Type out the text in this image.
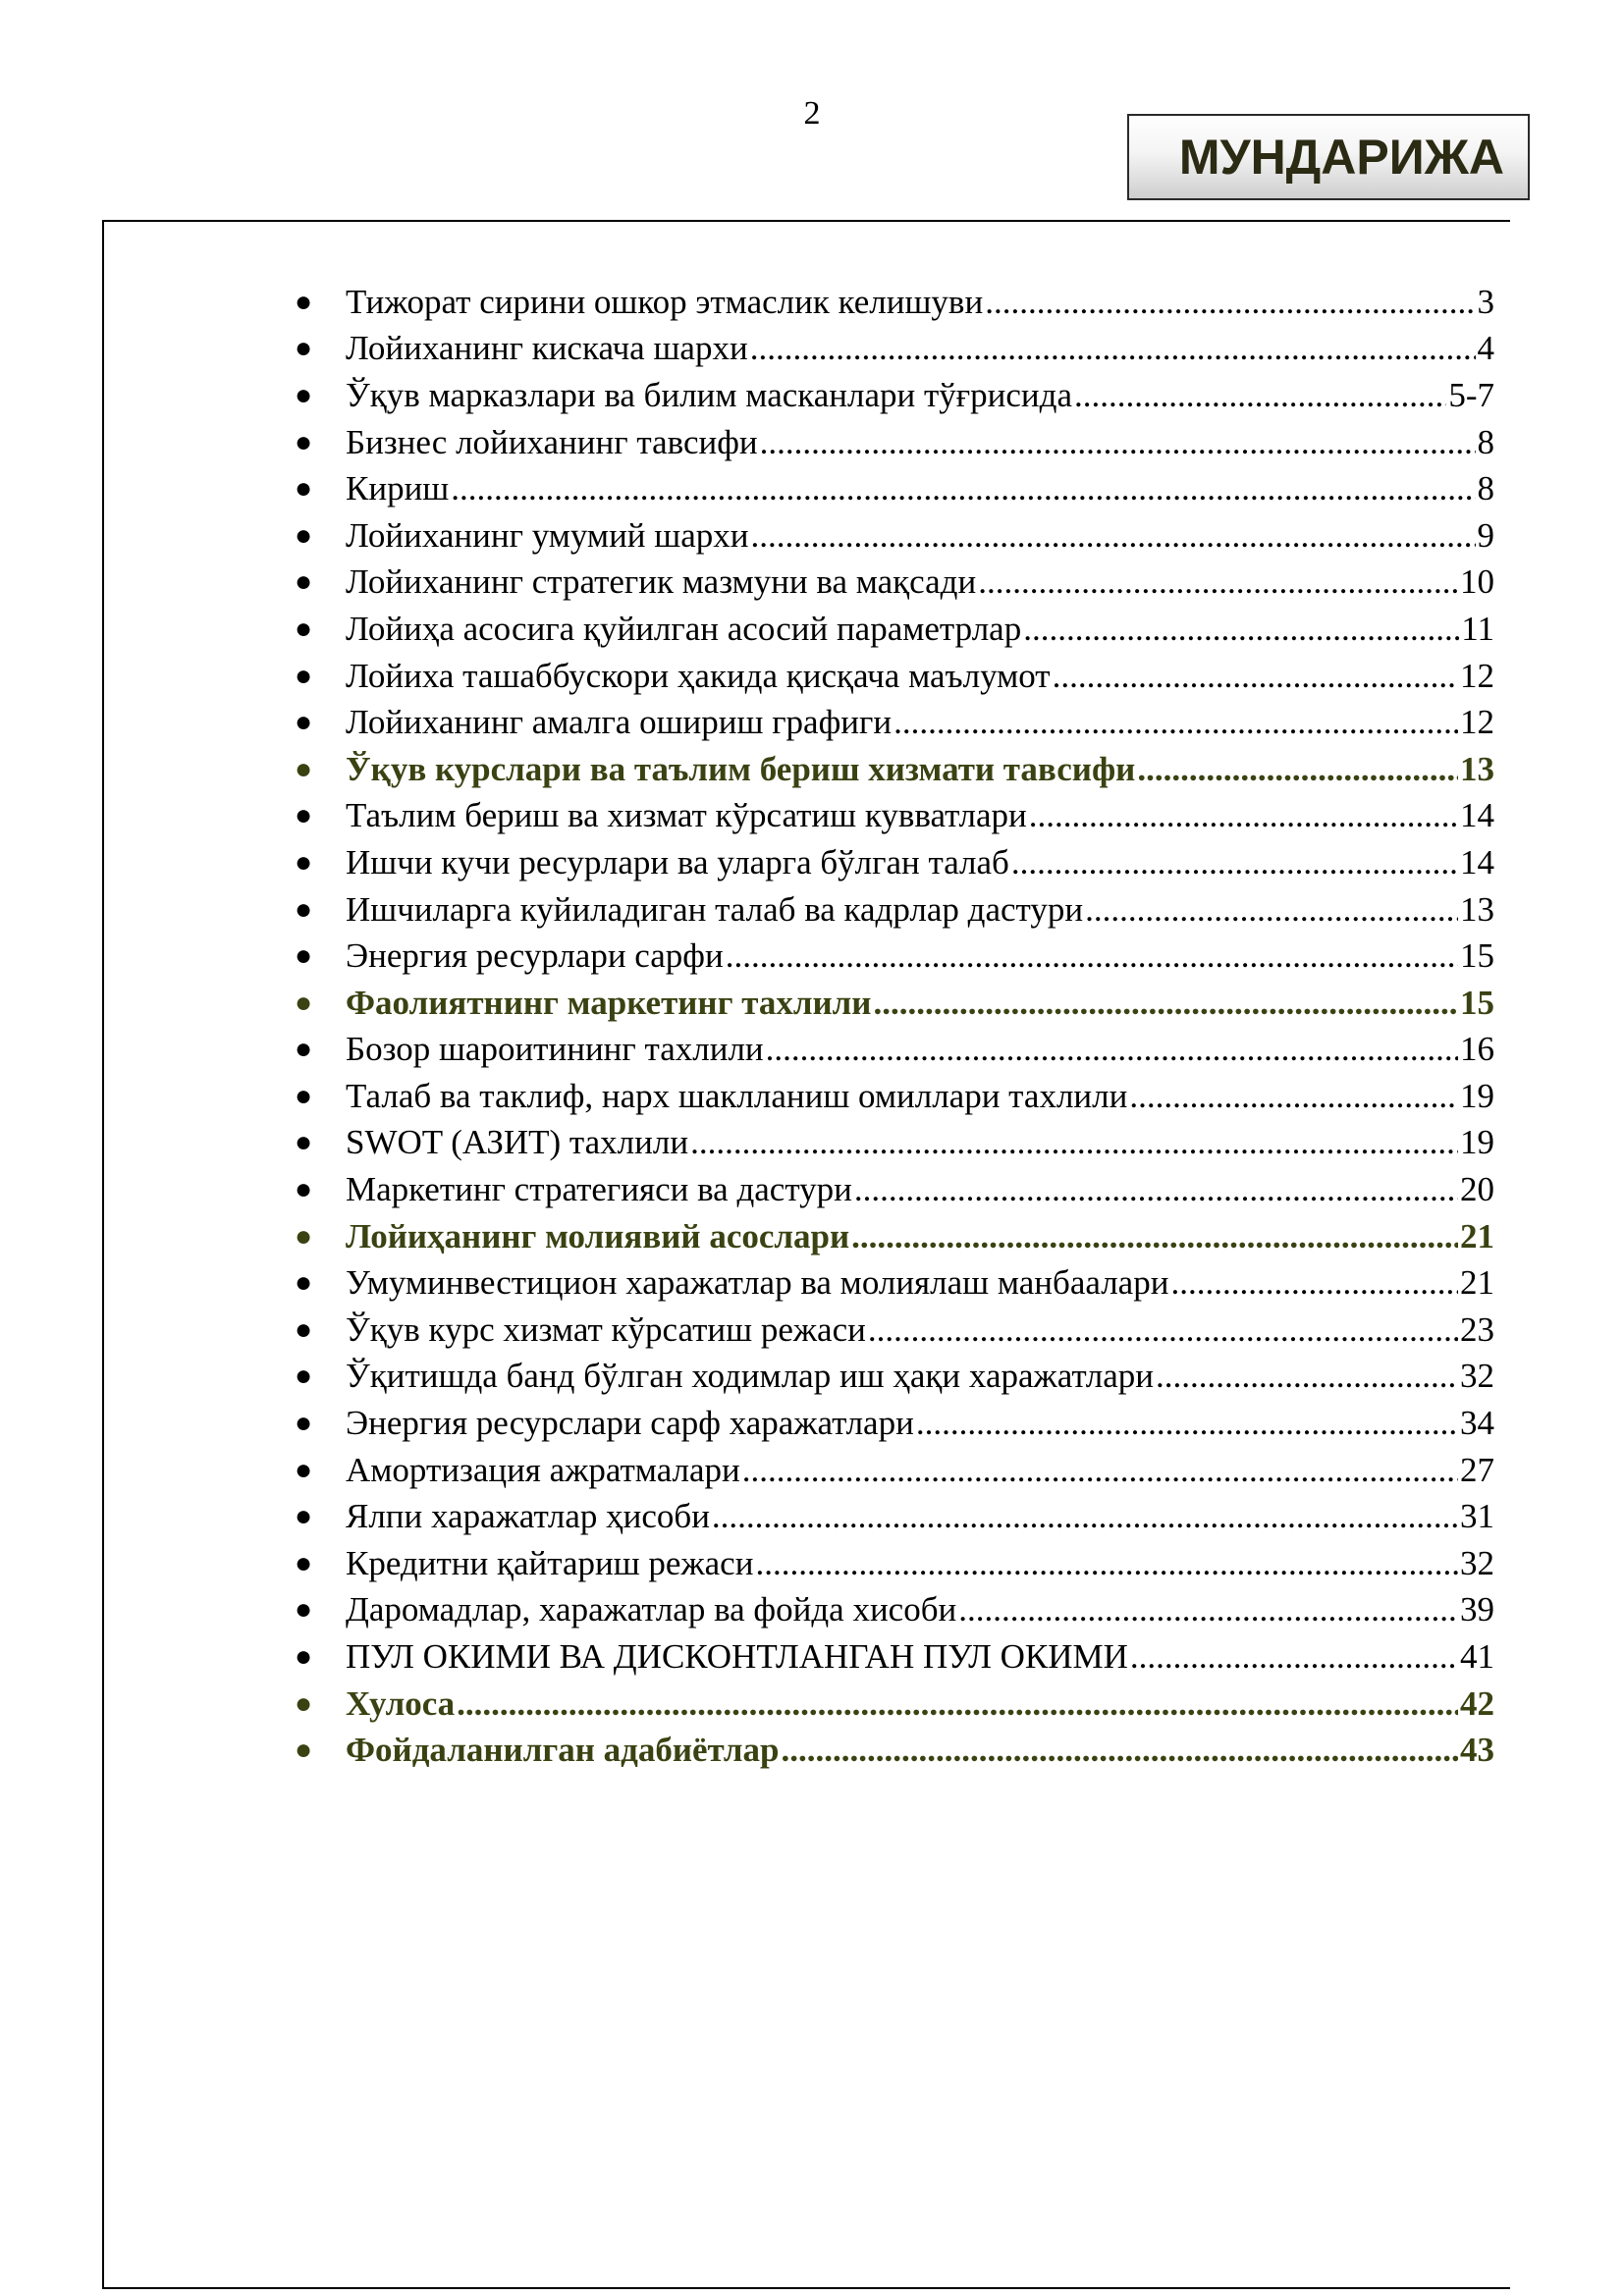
2
МУНДАРИЖА
● Тижорат сирини ошкор этмаслик келишуви .....	3
● Лойиханинг кискача шархи .....	4
● Ўқув марказлари ва билим масканлари тўғрисида .....	5-7
● Бизнес лойиханинг тавсифи .....	8
● Кириш .....	8
● Лойиханинг умумий шархи .....	9
● Лойиханинг стратегик мазмуни ва мақсади .....	10
● Лойиҳа асосига қуйилган асосий параметрлар .....	11
● Лойиха ташаббускори ҳакида қисқача маълумот .....	12
● Лойиханинг амалга ошириш графиги .....	12
● Ўқув курслари ва таълим бериш хизмати тавсифи .....	13
● Таълим бериш ва хизмат кўрсатиш кувватлари .....	14
● Ишчи кучи ресурлари ва уларга бўлган талаб .....	14
● Ишчиларга куйиладиган талаб ва кадрлар дастури .....	13
● Энергия ресурлари сарфи .....	15
● Фаолиятнинг маркетинг тахлили .....	15
● Бозор шароитининг тахлили .....	16
● Талаб ва таклиф, нарх шаклланиш омиллари тахлили .....	19
● SWOT (АЗИТ) тахлили .....	19
● Маркетинг стратегияси ва дастури .....	20
● Лойиҳанинг молиявий асослари .....	21
● Умуминвестицион харажатлар ва молиялаш манбаалари .....	21
● Ўқув курс хизмат кўрсатиш режаси .....	23
● Ўқитишда банд бўлган ходимлар иш ҳақи харажатлари .....	32
● Энергия ресурслари сарф харажатлари .....	34
● Амортизация ажратмалари .....	27
● Ялпи харажатлар ҳисоби .....	31
● Кредитни қайтариш режаси .....	32
● Даромадлар, харажатлар ва фойда хисоби .....	39
● ПУЛ ОКИМИ ВА ДИСКОНТЛАНГАН ПУЛ ОКИМИ .....	41
● Хулоса .....	42
● Фойдаланилган адабиётлар .....	43
